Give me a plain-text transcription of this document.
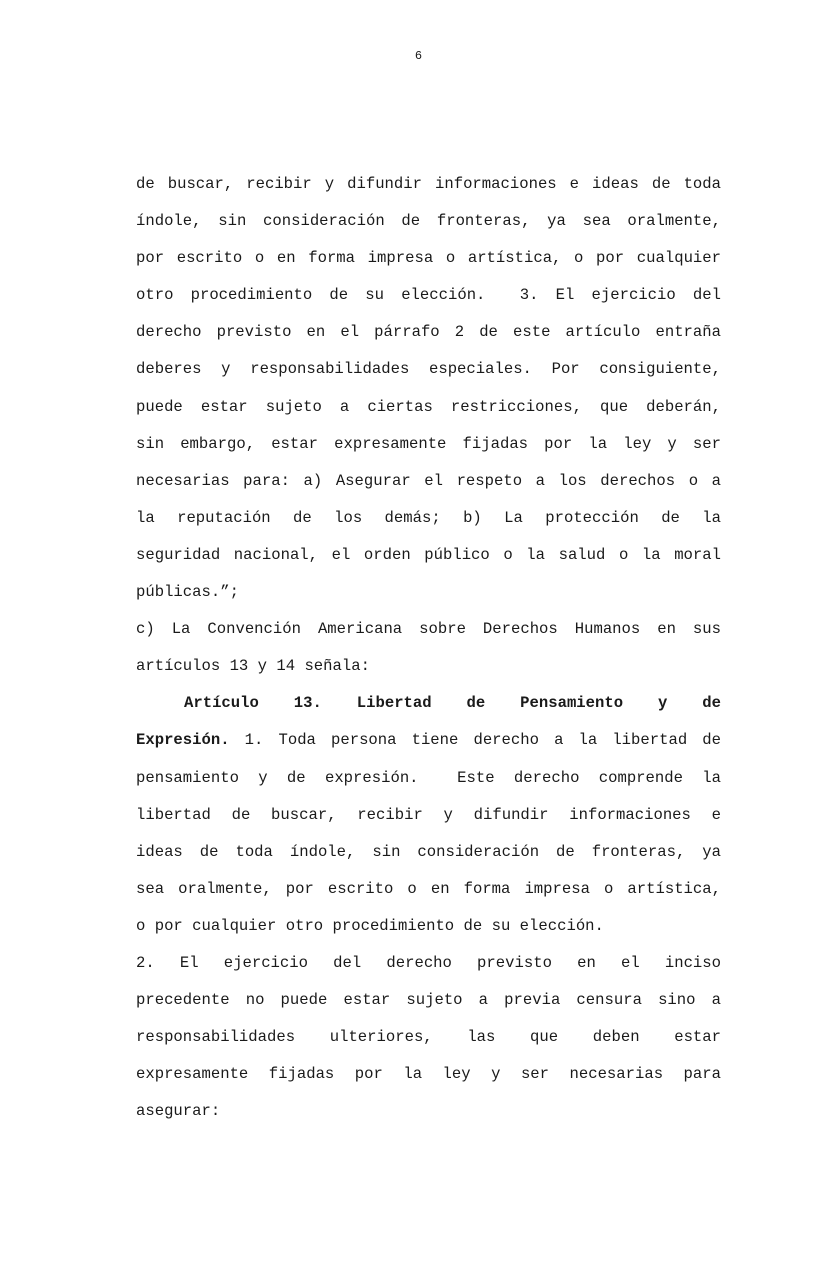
6
de buscar, recibir y difundir informaciones e ideas de toda
índole, sin consideración de fronteras, ya sea oralmente,
por escrito o en forma impresa o artística, o por cualquier
otro procedimiento de su elección.  3. El ejercicio del
derecho previsto en el párrafo 2 de este artículo entraña
deberes y responsabilidades especiales. Por consiguiente,
puede estar sujeto a ciertas restricciones, que deberán,
sin embargo, estar expresamente fijadas por la ley y ser
necesarias para: a) Asegurar el respeto a los derechos o a
la reputación de los demás; b) La protección de la
seguridad nacional, el orden público o la salud o la moral
públicas.”;
c) La Convención Americana sobre Derechos Humanos en sus
artículos 13 y 14 señala:
Artículo 13. Libertad de Pensamiento y de
Expresión. 1. Toda persona tiene derecho a la libertad de
pensamiento y de expresión.  Este derecho comprende la
libertad de buscar, recibir y difundir informaciones e
ideas de toda índole, sin consideración de fronteras, ya
sea oralmente, por escrito o en forma impresa o artística,
o por cualquier otro procedimiento de su elección.
2. El ejercicio del derecho previsto en el inciso
precedente no puede estar sujeto a previa censura sino a
responsabilidades ulteriores, las que deben estar
expresamente fijadas por la ley y ser necesarias para
asegurar:
